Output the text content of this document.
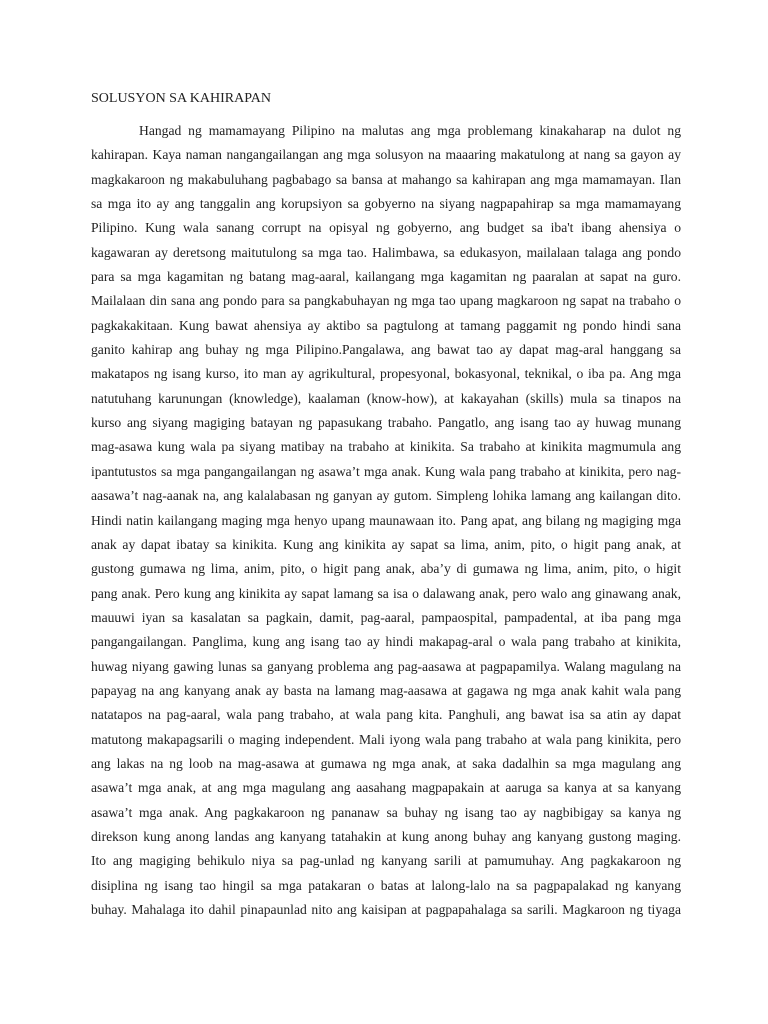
SOLUSYON SA KAHIRAPAN
Hangad ng mamamayang Pilipino na malutas ang mga problemang kinakaharap na dulot ng
kahirapan. Kaya naman nangangailangan ang mga solusyon na maaaring makatulong at nang sa gayon ay
magkakaroon ng makabuluhang pagbabago sa bansa at mahango sa kahirapan ang mga mamamayan. Ilan
sa mga ito ay ang tanggalin ang korupsiyon sa gobyerno na siyang nagpapahirap sa mga mamamayang
Pilipino. Kung wala sanang corrupt na opisyal ng gobyerno, ang budget sa iba't ibang ahensiya o
kagawaran ay deretsong maitutulong sa mga tao. Halimbawa, sa edukasyon, mailalaan talaga ang pondo
para sa mga kagamitan ng batang mag-aaral, kailangang mga kagamitan ng paaralan at sapat na guro.
Mailalaan din sana ang pondo para sa pangkabuhayan ng mga tao upang magkaroon ng sapat na trabaho o
pagkakakitaan. Kung bawat ahensiya ay aktibo sa pagtulong at tamang paggamit ng pondo hindi sana
ganito kahirap ang buhay ng mga Pilipino.Pangalawa, ang bawat tao ay dapat mag-aral hanggang sa
makatapos ng isang kurso, ito man ay agrikultural, propesyonal, bokasyonal, teknikal, o iba pa. Ang mga
natutuhang karunungan (knowledge), kaalaman (know-how), at kakayahan (skills) mula sa tinapos na
kurso ang siyang magiging batayan ng papasukang trabaho. Pangatlo, ang isang tao ay huwag munang
mag-asawa kung wala pa siyang matibay na trabaho at kinikita. Sa trabaho at kinikita magmumula ang
ipantutustos sa mga pangangailangan ng asawa’t mga anak. Kung wala pang trabaho at kinikita, pero nag-
aasawa’t nag-aanak na, ang kalalabasan ng ganyan ay gutom. Simpleng lohika lamang ang kailangan dito.
Hindi natin kailangang maging mga henyo upang maunawaan ito. Pang apat, ang bilang ng magiging mga
anak ay dapat ibatay sa kinikita. Kung ang kinikita ay sapat sa lima, anim, pito, o higit pang anak, at
gustong gumawa ng lima, anim, pito, o higit pang anak, aba’y di gumawa ng lima, anim, pito, o higit
pang anak. Pero kung ang kinikita ay sapat lamang sa isa o dalawang anak, pero walo ang ginawang anak,
mauuwi iyan sa kasalatan sa pagkain, damit, pag-aaral, pampaospital, pampadental, at iba pang mga
pangangailangan. Panglima, kung ang isang tao ay hindi makapag-aral o wala pang trabaho at kinikita,
huwag niyang gawing lunas sa ganyang problema ang pag-aasawa at pagpapamilya. Walang magulang na
papayag na ang kanyang anak ay basta na lamang mag-aasawa at gagawa ng mga anak kahit wala pang
natatapos na pag-aaral, wala pang trabaho, at wala pang kita. Panghuli, ang bawat isa sa atin ay dapat
matutong makapagsarili o maging independent. Mali iyong wala pang trabaho at wala pang kinikita, pero
ang lakas na ng loob na mag-asawa at gumawa ng mga anak, at saka dadalhin sa mga magulang ang
asawa’t mga anak, at ang mga magulang ang aasahang magpapakain at aaruga sa kanya at sa kanyang
asawa’t mga anak. Ang pagkakaroon ng pananaw sa buhay ng isang tao ay nagbibigay sa kanya ng
direkson kung anong landas ang kanyang tatahakin at kung anong buhay ang kanyang gustong maging.
Ito ang magiging behikulo niya sa pag-unlad ng kanyang sarili at pamumuhay. Ang pagkakaroon ng
disiplina ng isang tao hingil sa mga patakaran o batas at lalong-lalo na sa pagpapalakad ng kanyang
buhay. Mahalaga ito dahil pinapaunlad nito ang kaisipan at pagpapahalaga sa sarili. Magkaroon ng tiyaga
